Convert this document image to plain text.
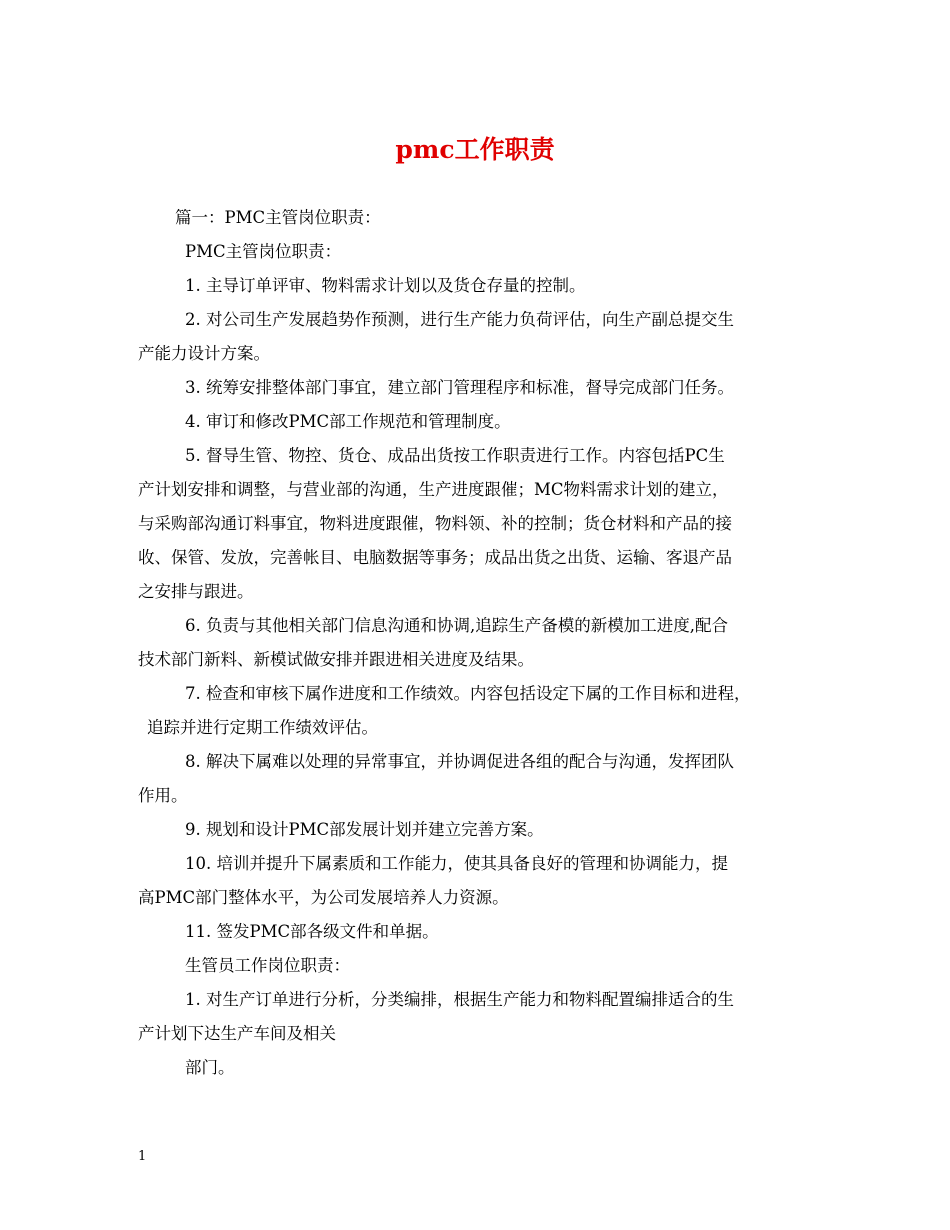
pmc工作职责

篇一：PMC主管岗位职责：

PMC主管岗位职责：

1. 主导订单评审、物料需求计划以及货仓存量的控制。

2. 对公司生产发展趋势作预测，进行生产能力负荷评估，向生产副总提交生

产能力设计方案。

3. 统筹安排整体部门事宜，建立部门管理程序和标准，督导完成部门任务。

4. 审订和修改PMC部工作规范和管理制度。

5. 督导生管、物控、货仓、成品出货按工作职责进行工作。内容包括PC生

产计划安排和调整，与营业部的沟通，生产进度跟催；MC物料需求计划的建立，

与采购部沟通订料事宜，物料进度跟催，物料领、补的控制；货仓材料和产品的接

收、保管、发放，完善帐目、电脑数据等事务；成品出货之出货、运输、客退产品

之安排与跟进。

6. 负责与其他相关部门信息沟通和协调,追踪生产备模的新模加工进度,配合

技术部门新料、新模试做安排并跟进相关进度及结果。

7. 检查和审核下属作进度和工作绩效。内容包括设定下属的工作目标和进程，

追踪并进行定期工作绩效评估。

8. 解决下属难以处理的异常事宜，并协调促进各组的配合与沟通，发挥团队

作用。

9. 规划和设计PMC部发展计划并建立完善方案。

10. 培训并提升下属素质和工作能力，使其具备良好的管理和协调能力，提

高PMC部门整体水平，为公司发展培养人力资源。

11. 签发PMC部各级文件和单据。

生管员工作岗位职责：

1. 对生产订单进行分析，分类编排，根据生产能力和物料配置编排适合的生

产计划下达生产车间及相关

部门。

1
